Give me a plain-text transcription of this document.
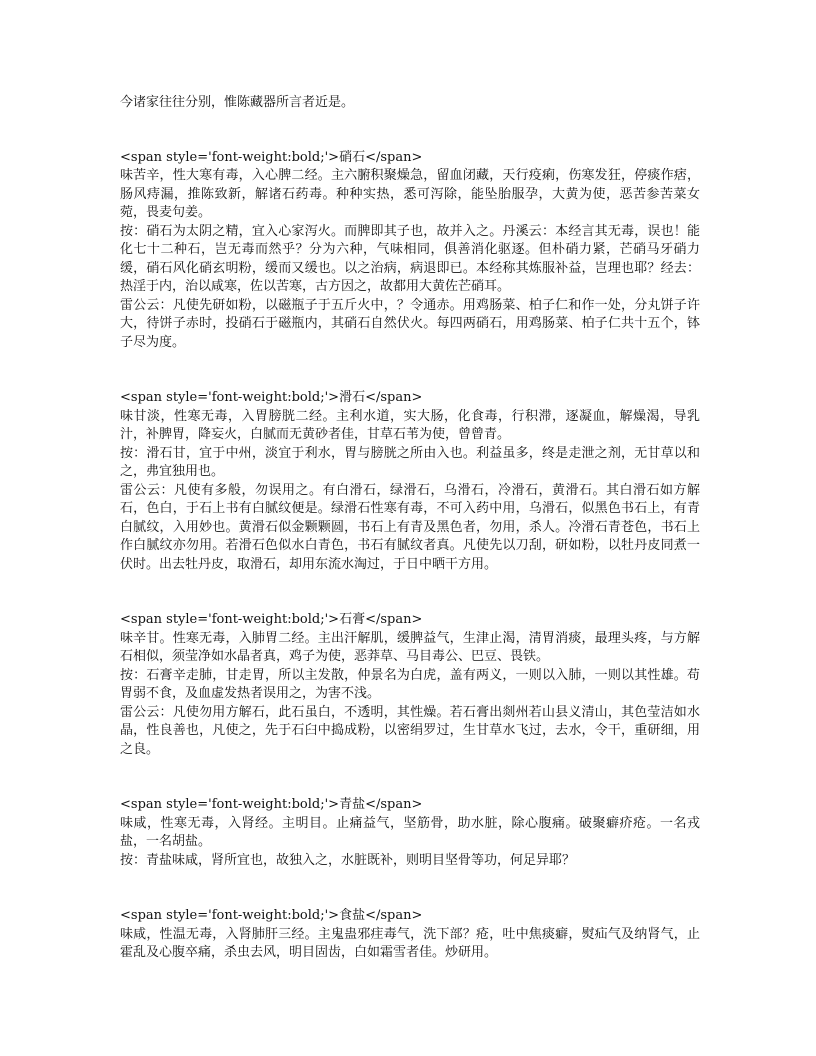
今诸家往往分别，惟陈藏器所言者近是。

<span style='font-weight:bold;'>硝石</span>

味苦辛，性大寒有毒，入心脾二经。主六腑积聚燥急，留血闭藏，天行疫痢，伤寒发狂，停痰作痞，肠风痔漏，推陈致新，解诸石药毒。种种实热，悉可泻除，能坠胎服孕，大黄为使，恶苦参苦菜女菀，畏麦句姜。

按：硝石为太阴之精，宜入心家泻火。而脾即其子也，故并入之。丹溪云：本经言其无毒，误也！能化七十二种石，岂无毒而然乎？分为六种，气味相同，俱善消化驱逐。但朴硝力紧，芒硝马牙硝力缓，硝石风化硝玄明粉，缓而又缓也。以之治病，病退即已。本经称其炼服补益，岂理也耶？经去：热淫于内，治以咸寒，佐以苦寒，古方因之，故都用大黄佐芒硝耳。

雷公云：凡使先研如粉，以磁瓶子于五斤火中，？令通赤。用鸡肠菜、柏子仁和作一处，分丸饼子许大，待饼子赤时，投硝石于磁瓶内，其硝石自然伏火。每四两硝石，用鸡肠菜、柏子仁共十五个，钵子尽为度。

<span style='font-weight:bold;'>滑石</span>

味甘淡，性寒无毒，入胃膀胱二经。主利水道，实大肠，化食毒，行积滞，逐凝血，解燥渴，导乳汁，补脾胃，降妄火，白腻而无黄砂者佳，甘草石苇为使，曾曾青。

按：滑石甘，宜于中州，淡宜于利水，胃与膀胱之所由入也。利益虽多，终是走泄之剂，无甘草以和之，弗宜独用也。

雷公云：凡使有多般，勿误用之。有白滑石，绿滑石，乌滑石，冷滑石，黄滑石。其白滑石如方解石，色白，于石上书有白腻纹便是。绿滑石性寒有毒，不可入药中用，乌滑石，似黑色书石上，有青白腻纹，入用妙也。黄滑石似金颗颗圆，书石上有青及黑色者，勿用，杀人。冷滑石青苍色，书石上作白腻纹亦勿用。若滑石色似水白青色，书石有腻纹者真。凡使先以刀刮，研如粉，以牡丹皮同煮一伏时。出去牡丹皮，取滑石，却用东流水淘过，于日中晒干方用。

<span style='font-weight:bold;'>石膏</span>

味辛甘。性寒无毒，入肺胃二经。主出汗解肌，缓脾益气，生津止渴，清胃消痰，最理头疼，与方解石相似，须莹净如水晶者真，鸡子为使，恶莽草、马目毒公、巴豆、畏铁。

按：石膏辛走肺，甘走胃，所以主发散，仲景名为白虎，盖有两义，一则以入肺，一则以其性雄。苟胃弱不食，及血虚发热者误用之，为害不浅。

雷公云：凡使勿用方解石，此石虽白，不透明，其性燥。若石膏出剡州若山县义清山，其色莹洁如水晶，性良善也，凡使之，先于石臼中捣成粉，以密绢罗过，生甘草水飞过，去水，令干，重研细，用之良。

<span style='font-weight:bold;'>青盐</span>

味咸，性寒无毒，入肾经。主明目。止痛益气，坚筋骨，助水脏，除心腹痛。破聚癖疥疮。一名戎盐，一名胡盐。

按：青盐味咸，肾所宜也，故独入之，水脏既补，则明目坚骨等功，何足异耶？

<span style='font-weight:bold;'>食盐</span>

味咸，性温无毒，入肾肺肝三经。主鬼蛊邪疰毒气，洗下部？疮，吐中焦痰癖，熨疝气及纳肾气，止霍乱及心腹卒痛，杀虫去风，明目固齿，白如霜雪者佳。炒研用。
